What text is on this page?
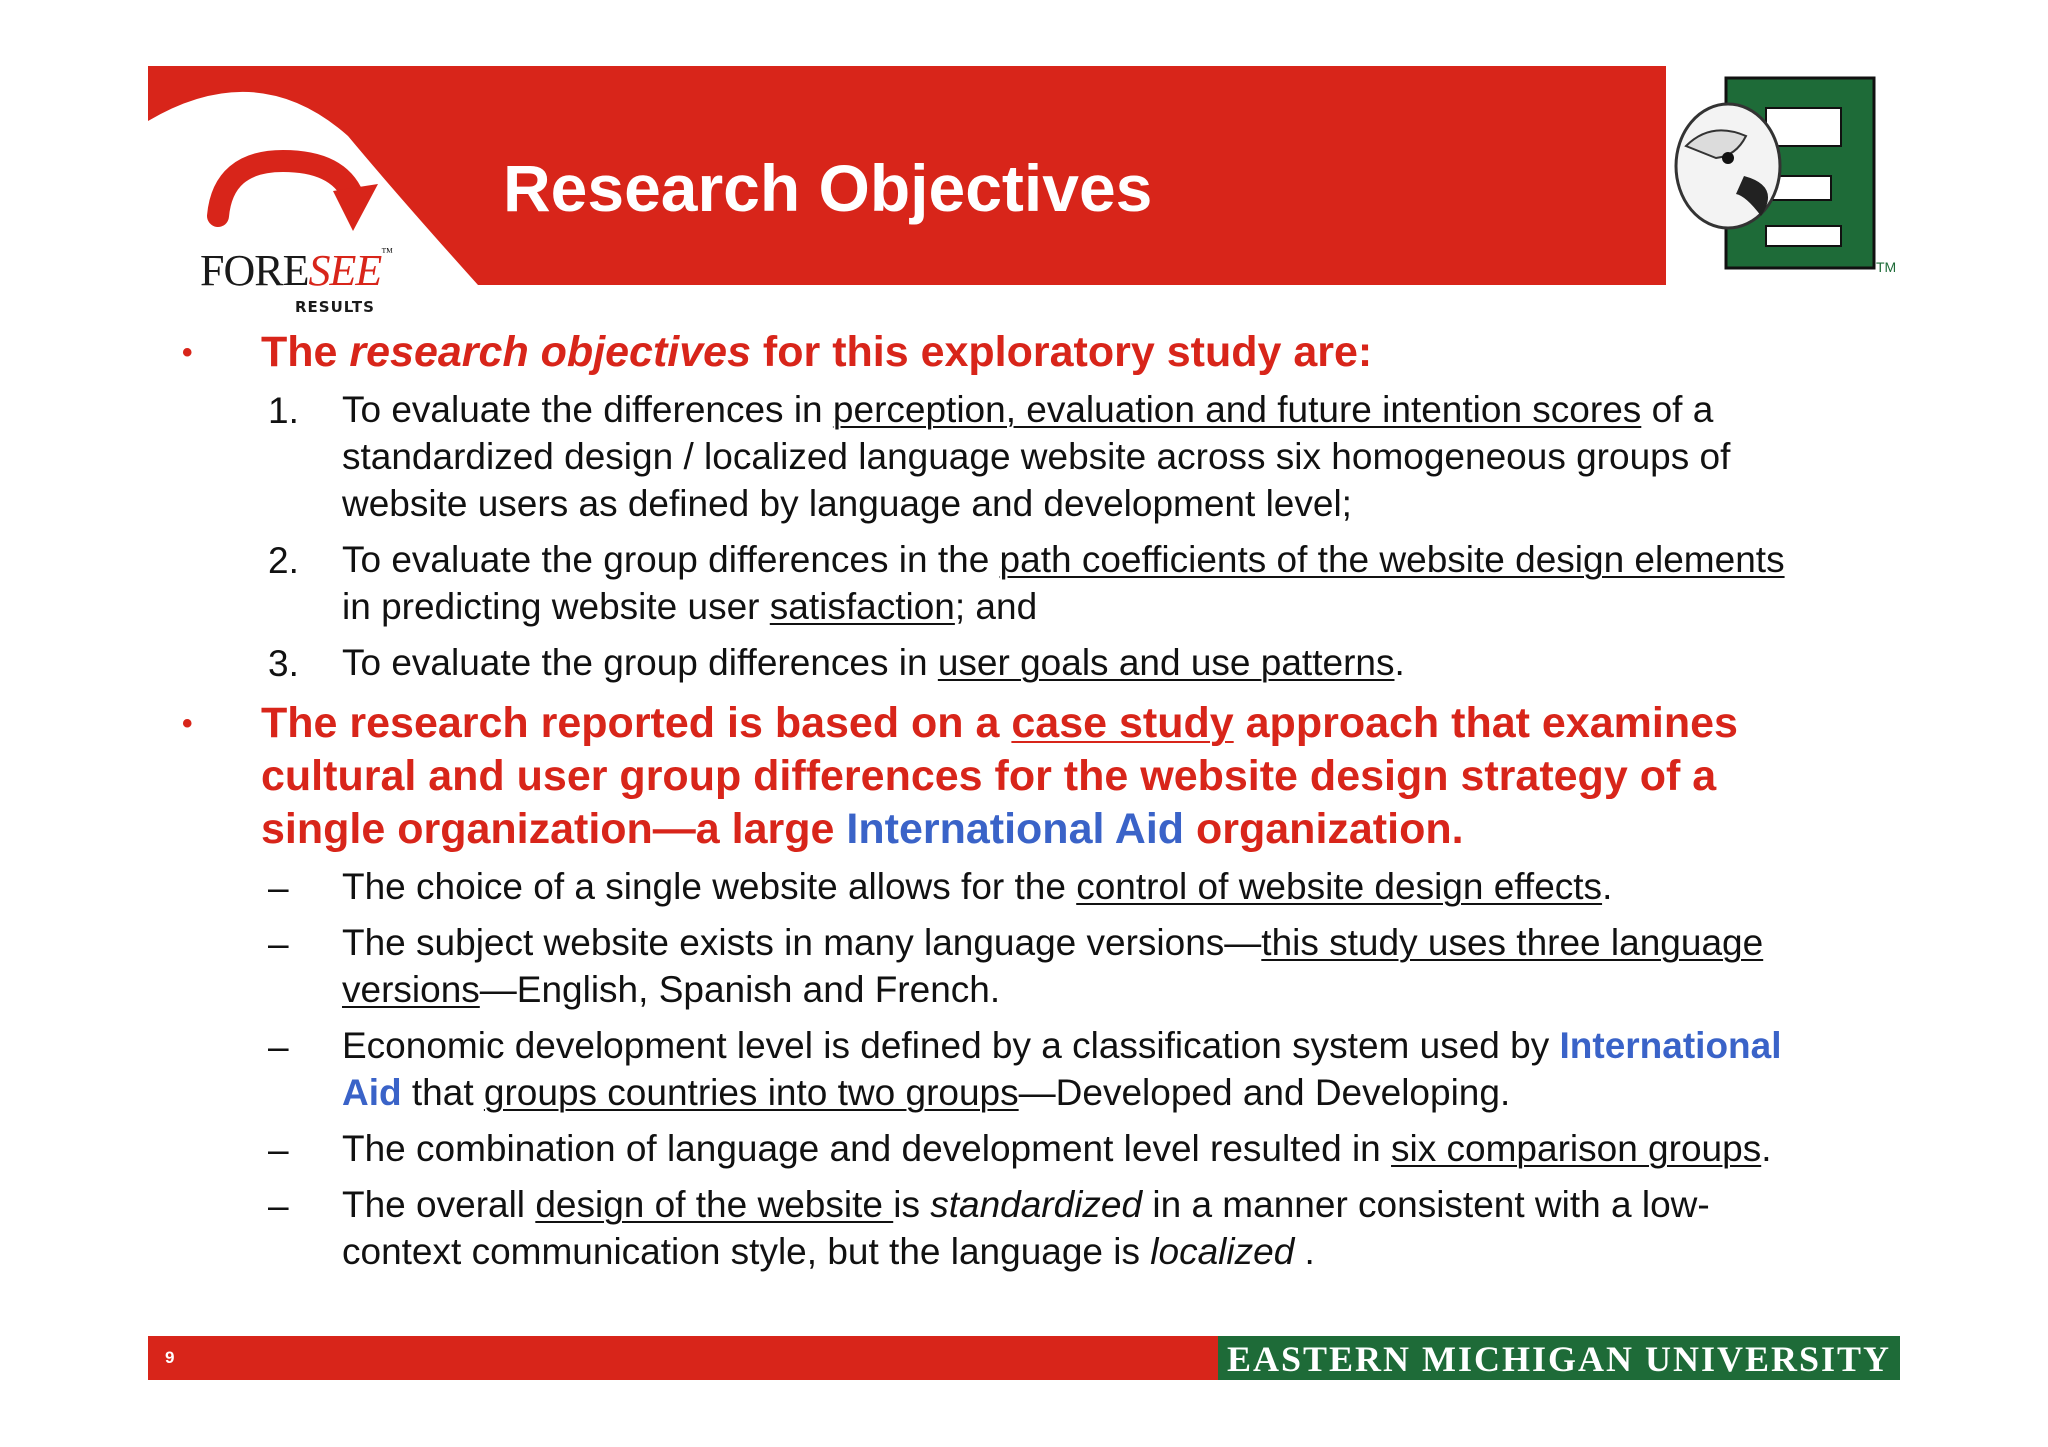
FORESEE™
RESULTS
Research Objectives
TM
• The research objectives for this exploratory study are:
1. To evaluate the differences in perception, evaluation and future intention scores of a
standardized design / localized language website across six homogeneous groups of
website users as defined by language and development level;
2. To evaluate the group differences in the path coefficients of the website design elements
in predicting website user satisfaction; and
3. To evaluate the group differences in user goals and use patterns.
• The research reported is based on a case study approach that examines
cultural and user group differences for the website design strategy of a
single organization—a large International Aid organization.
– The choice of a single website allows for the control of website design effects.
– The subject website exists in many language versions—this study uses three language
versions—English, Spanish and French.
– Economic development level is defined by a classification system used by International
Aid that groups countries into two groups—Developed and Developing.
– The combination of language and development level resulted in six comparison groups.
– The overall design of the website is standardized in a manner consistent with a low-
context communication style, but the language is localized .
9	EASTERN MICHIGAN UNIVERSITY
